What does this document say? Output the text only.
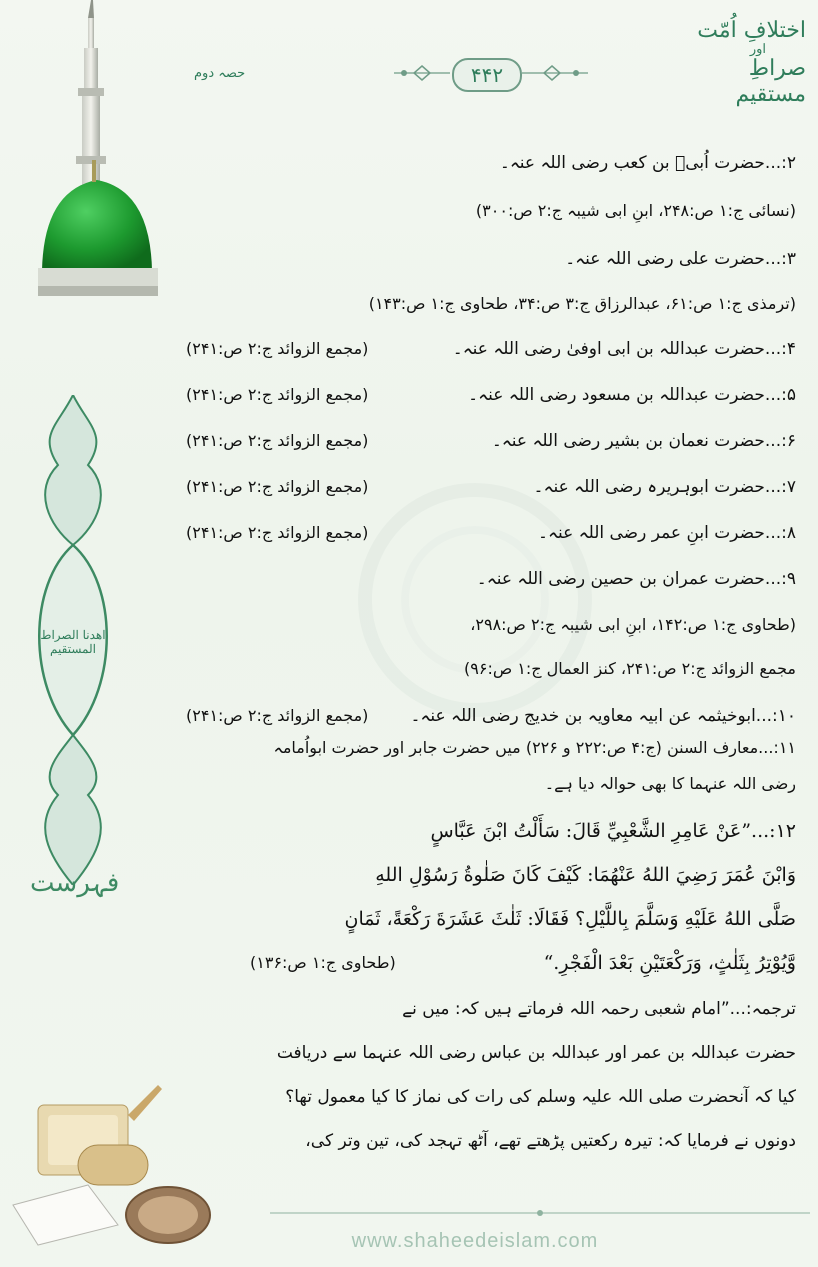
اختلافِ اُمّت
اور
صراطِ مستقیم
حصہ دوم	۴۴۲
اهدنا الصراط المستقيم
فہرست
۲:...حضرت اُبیؓ بن کعب رضی اللہ عنہ۔
(نسائی ج:۱ ص:۲۴۸، ابنِ ابی شیبہ ج:۲ ص:۳۰۰)
۳:...حضرت علی رضی اللہ عنہ۔
(ترمذی ج:۱ ص:۶۱، عبدالرزاق ج:۳ ص:۳۴، طحاوی ج:۱ ص:۱۴۳)
۴:...حضرت عبداللہ بن ابی اوفیٰ رضی اللہ عنہ۔
(مجمع الزوائد ج:۲ ص:۲۴۱)
۵:...حضرت عبداللہ بن مسعود رضی اللہ عنہ۔
(مجمع الزوائد ج:۲ ص:۲۴۱)
۶:...حضرت نعمان بن بشیر رضی اللہ عنہ۔
(مجمع الزوائد ج:۲ ص:۲۴۱)
۷:...حضرت ابوہریرہ رضی اللہ عنہ۔
(مجمع الزوائد ج:۲ ص:۲۴۱)
۸:...حضرت ابنِ عمر رضی اللہ عنہ۔
(مجمع الزوائد ج:۲ ص:۲۴۱)
۹:...حضرت عمران بن حصین رضی اللہ عنہ۔
(طحاوی ج:۱ ص:۱۴۲، ابنِ ابی شیبہ ج:۲ ص:۲۹۸،
مجمع الزوائد ج:۲ ص:۲۴۱، کنز العمال ج:۱ ص:۹۶)
۱۰:...ابوخیثمہ عن ابیہ معاویہ بن خدیج رضی اللہ عنہ۔
(مجمع الزوائد ج:۲ ص:۲۴۱)
۱۱:...معارف السنن (ج:۴ ص:۲۲۲ و ۲۲۶) میں حضرت جابر اور حضرت ابواُمامہ
رضی اللہ عنہما کا بھی حوالہ دیا ہے۔
۱۲:...”عَنْ عَامِرِ الشَّعْبِيِّ قَالَ: سَأَلْتُ ابْنَ عَبَّاسٍ
وَابْنَ عُمَرَ رَضِيَ اللهُ عَنْهُمَا: كَيْفَ كَانَ صَلٰوةُ رَسُوْلِ اللهِ
صَلَّى اللهُ عَلَيْهِ وَسَلَّمَ بِاللَّيْلِ؟ فَقَالَا: ثَلٰثَ عَشَرَةَ رَكْعَةً، ثَمَانٍ
وَّيُوْتِرُ بِثَلٰثٍ، وَرَكْعَتَيْنِ بَعْدَ الْفَجْرِ.“
(طحاوی ج:۱ ص:۱۳۶)
ترجمہ:...”امام شعبی رحمہ اللہ فرماتے ہیں کہ: میں نے
حضرت عبداللہ بن عمر اور عبداللہ بن عباس رضی اللہ عنہما سے دریافت
کیا کہ آنحضرت صلی اللہ علیہ وسلم کی رات کی نماز کا کیا معمول تھا؟
دونوں نے فرمایا کہ: تیرہ رکعتیں پڑھتے تھے، آٹھ تہجد کی، تین وتر کی،
www.shaheedeislam.com
